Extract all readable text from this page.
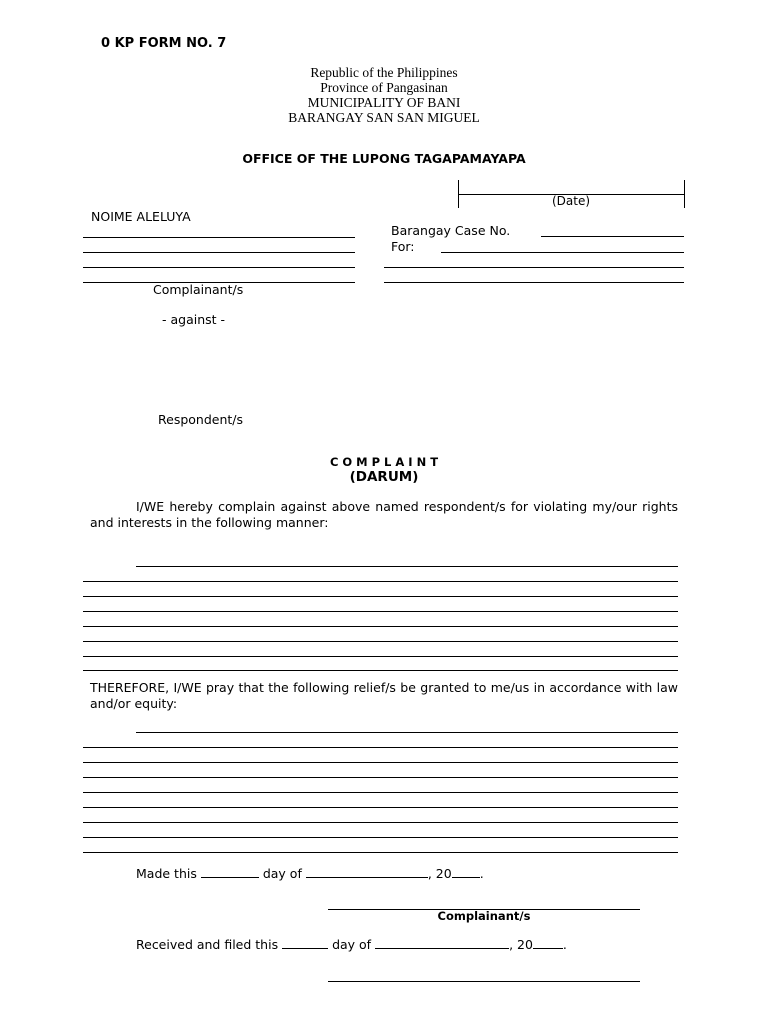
0 KP FORM NO. 7
Republic of the Philippines
Province of Pangasinan
MUNICIPALITY OF BANI
BARANGAY SAN SAN MIGUEL
OFFICE OF THE LUPONG TAGAPAMAYAPA
(Date)
NOIME ALELUYA
Complainant/s
Barangay Case No.
For:
- against -
Respondent/s
C O M P L A I N T
(DARUM)
I/WE hereby complain against above named respondent/s for violating my/our rights and interests in the following manner:
THEREFORE, I/WE pray that the following relief/s be granted to me/us in accordance with law and/or equity:
Made this	day of	, 20 .
Complainant/s
Received and filed this	day of	, 20 .
